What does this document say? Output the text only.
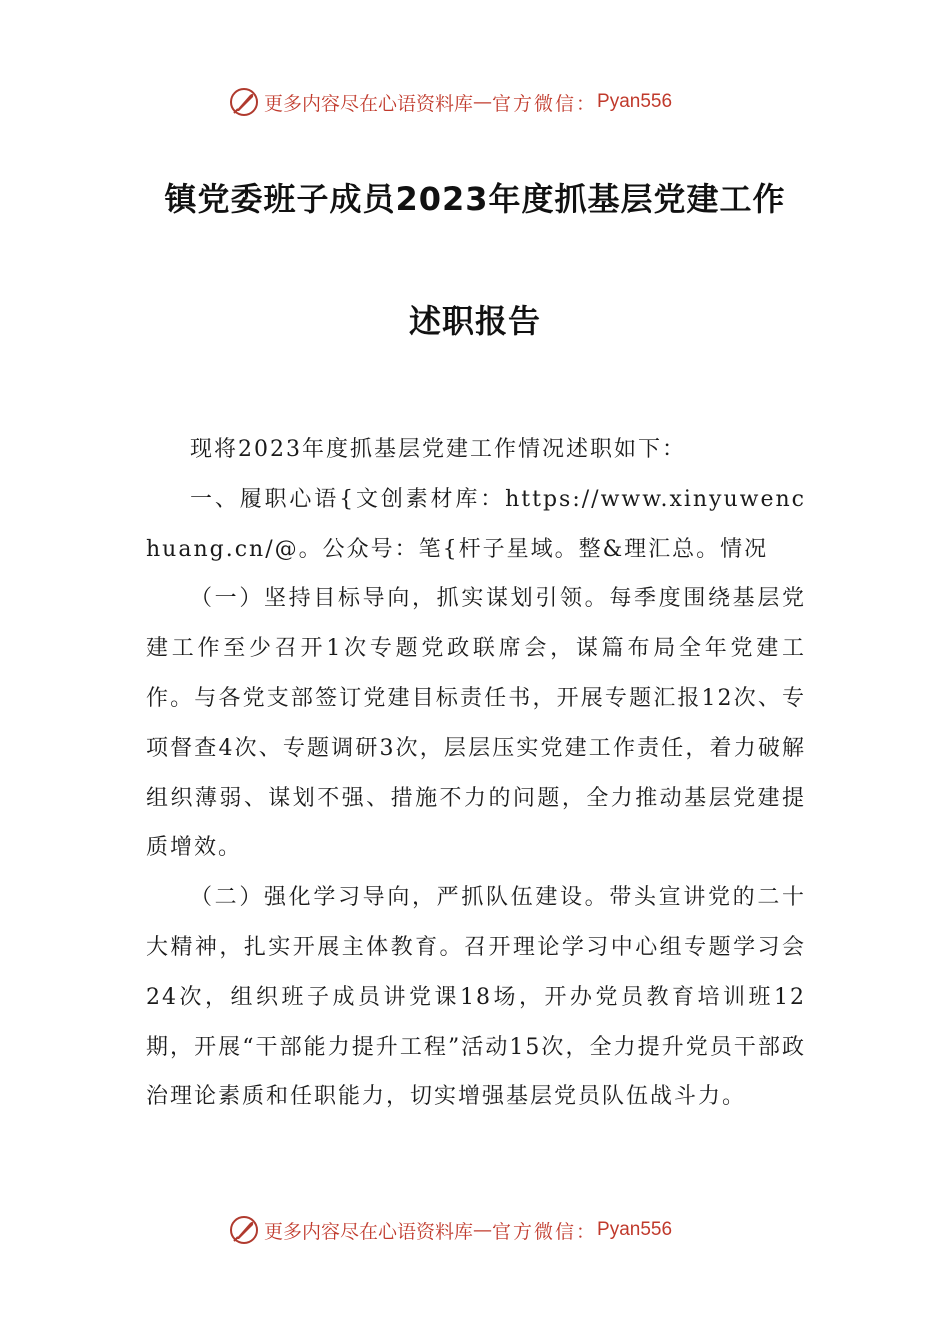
更多内容尽在心语资料库 — 官方微信： Pyan556
镇党委班子成员2023年度抓基层党建工作
述职报告

现将2023年度抓基层党建工作情况述职如下：

一、履职心语{文创素材库：https://www.xinyuwenchuang.cn/@。公众号：笔{杆子星域。整&理汇总。情况

（一）坚持目标导向，抓实谋划引领。每季度围绕基层党建工作至少召开1次专题党政联席会，谋篇布局全年党建工作。与各党支部签订党建目标责任书，开展专题汇报12次、专项督查4次、专题调研3次，层层压实党建工作责任，着力破解组织薄弱、谋划不强、措施不力的问题，全力推动基层党建提质增效。

（二）强化学习导向，严抓队伍建设。带头宣讲党的二十大精神，扎实开展主体教育。召开理论学习中心组专题学习会24次，组织班子成员讲党课18场，开办党员教育培训班12期，开展“干部能力提升工程”活动15次，全力提升党员干部政治理论素质和任职能力，切实增强基层党员队伍战斗力。

更多内容尽在心语资料库 — 官方微信： Pyan556
